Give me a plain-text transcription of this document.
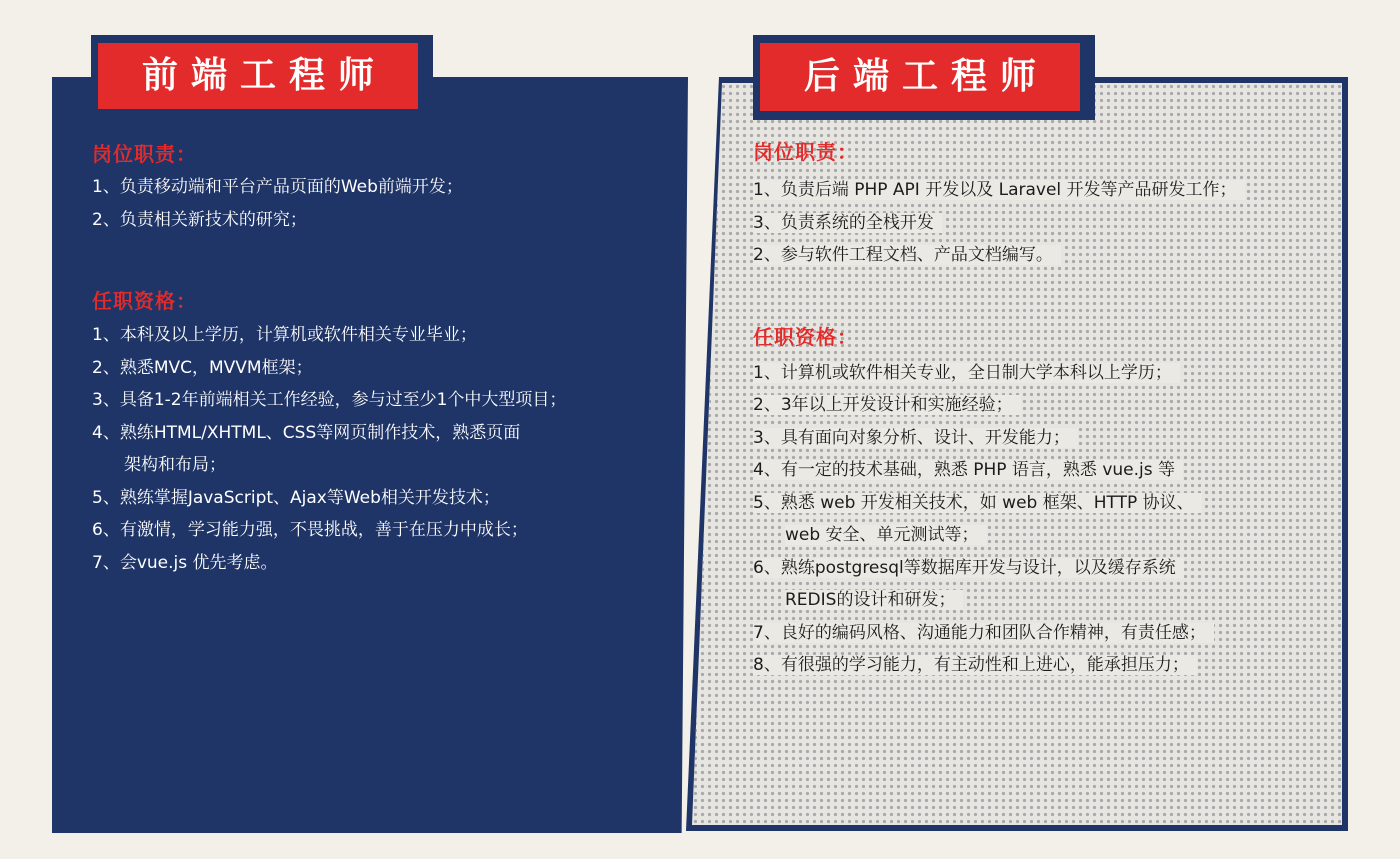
前端工程师
岗位职责：
1、负责移动端和平台产品页面的Web前端开发；
2、负责相关新技术的研究；
任职资格：
1、本科及以上学历，计算机或软件相关专业毕业；
2、熟悉MVC，MVVM框架；
3、具备1-2年前端相关工作经验，参与过至少1个中大型项目；
4、熟练HTML/XHTML、CSS等网页制作技术，熟悉页面
架构和布局；
5、熟练掌握JavaScript、Ajax等Web相关开发技术；
6、有激情，学习能力强，不畏挑战，善于在压力中成长；
7、会vue.js 优先考虑。
后端工程师
岗位职责：
1、负责后端 PHP API 开发以及 Laravel 开发等产品研发工作；
3、负责系统的全栈开发
2、参与软件工程文档、产品文档编写。
任职资格：
1、计算机或软件相关专业，全日制大学本科以上学历；
2、3年以上开发设计和实施经验；
3、具有面向对象分析、设计、开发能力；
4、有一定的技术基础，熟悉 PHP 语言，熟悉 vue.js 等
5、熟悉 web 开发相关技术，如 web 框架、HTTP 协议、
web 安全、单元测试等；
6、熟练postgresql等数据库开发与设计，以及缓存系统
REDIS的设计和研发；
7、良好的编码风格、沟通能力和团队合作精神，有责任感；
8、有很强的学习能力，有主动性和上进心，能承担压力；
